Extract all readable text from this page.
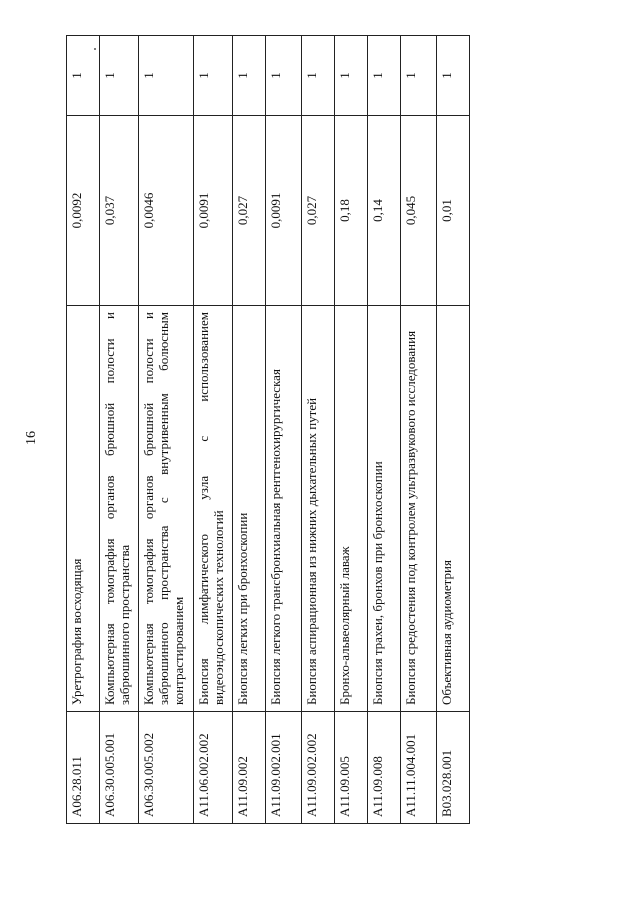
16
A06.28.011	Уретрография восходящая	0,0092	1
A06.30.005.001	Компьютерная томография органов брюшной полости и забрюшинного пространства	0,037	1
A06.30.005.002	Компьютерная томография органов брюшной полости и забрюшинного пространства с внутривенным болюсным контрастированием	0,0046	1
A11.06.002.002	Биопсия лимфатического узла с использованием видеоэндоскопических технологий	0,0091	1
A11.09.002	Биопсия легких при бронхоскопии	0,027	1
A11.09.002.001	Биопсия легкого трансбронхиальная рентгенохирургическая	0,0091	1
A11.09.002.002	Биопсия аспирационная из нижних дыхательных путей	0,027	1
A11.09.005	Бронхо-альвеолярный лаваж	0,18	1
A11.09.008	Биопсия трахеи, бронхов при бронхоскопии	0,14	1
A11.11.004.001	Биопсия средостения под контролем ультразвукового исследования	0,045	1
B03.028.001	Объективная аудиометрия	0,01	1
